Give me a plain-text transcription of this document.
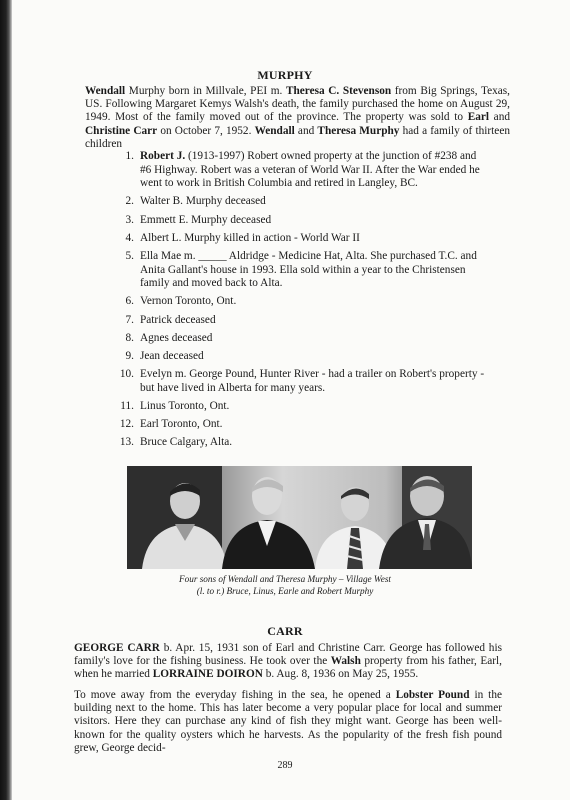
MURPHY

Wendall Murphy born in Millvale, PEI m. Theresa C. Stevenson from Big Springs, Texas, US. Following Margaret Kemys Walsh's death, the family purchased the home on August 29, 1949. Most of the family moved out of the province. The property was sold to Earl and Christine Carr on October 7, 1952. Wendall and Theresa Murphy had a family of thirteen children

1. Robert J. (1913-1997) Robert owned property at the junction of #238 and #6 Highway. Robert was a veteran of World War II. After the War ended he went to work in British Columbia and retired in Langley, BC.
2. Walter B. Murphy deceased
3. Emmett E. Murphy deceased
4. Albert L. Murphy killed in action - World War II
5. Ella Mae m. _____ Aldridge - Medicine Hat, Alta. She purchased T.C. and Anita Gallant's house in 1993. Ella sold within a year to the Christensen family and moved back to Alta.
6. Vernon Toronto, Ont.
7. Patrick deceased
8. Agnes deceased
9. Jean deceased
10. Evelyn m. George Pound, Hunter River - had a trailer on Robert's property - but have lived in Alberta for many years.
11. Linus Toronto, Ont.
12. Earl Toronto, Ont.
13. Bruce Calgary, Alta.
Four sons of Wendall and Theresa Murphy – Village West
(l. to r.) Bruce, Linus, Earle and Robert Murphy
CARR

GEORGE CARR b. Apr. 15, 1931 son of Earl and Christine Carr. George has followed his family's love for the fishing business. He took over the Walsh property from his father, Earl, when he married LORRAINE DOIRON b. Aug. 8, 1936 on May 25, 1955.

To move away from the everyday fishing in the sea, he opened a Lobster Pound in the building next to the home. This has later become a very popular place for local and summer visitors. Here they can purchase any kind of fish they might want. George has been well-known for the quality oysters which he harvests. As the popularity of the fresh fish pound grew, George decid-

289
